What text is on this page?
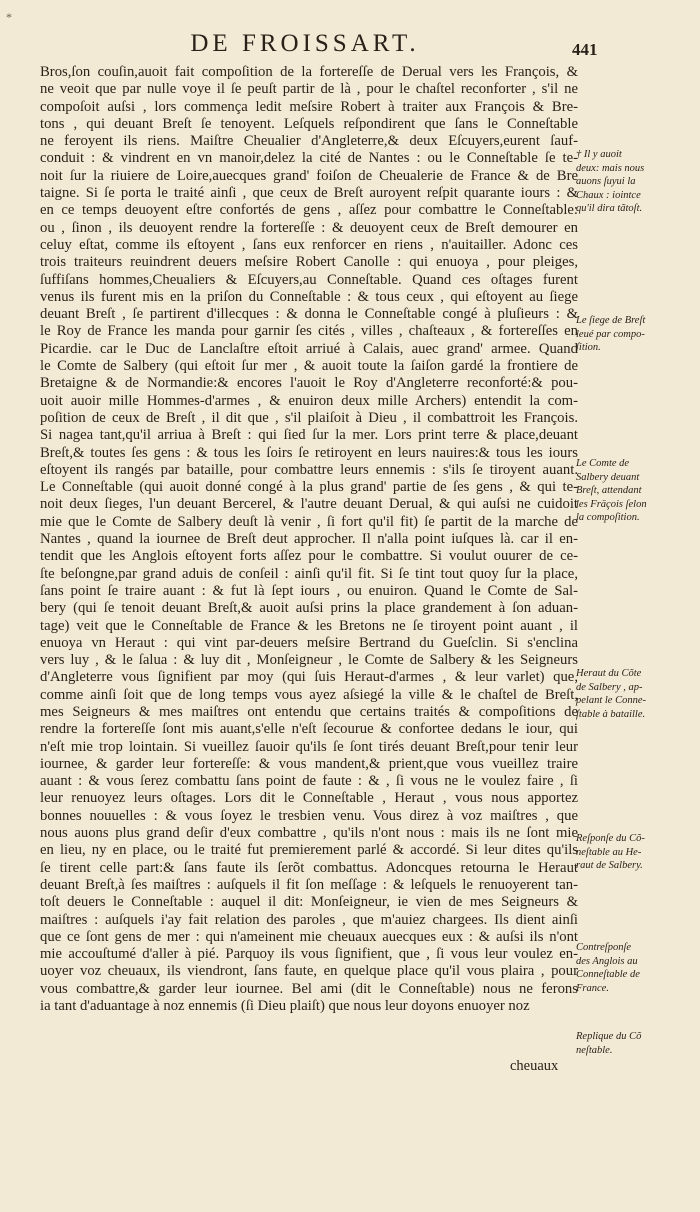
*
DE FROISSART.	441
Bros,ſon couſin,auoit fait compoſition de la fortereſſe de Derual vers les François, &
ne veoit que par nulle voye il ſe peuſt partir de là , pour le chaſtel reconforter , s'il ne
compoſoit auſsi , lors commença ledit meſsire Robert à traiter aux François & Bre-
tons , qui deuant Breſt ſe tenoyent. Leſquels reſpondirent que ſans le Conneſtable
ne feroyent ils riens. Maiſtre Cheualier d'Angleterre,& deux Eſcuyers,eurent ſauf-
conduit : & vindrent en vn manoir,delez la cité de Nantes : ou le Conneſtable ſe te-
noit ſur la riuiere de Loire,auecques grand' foiſon de Cheualerie de France & de Bre
taigne. Si ſe porta le traité ainſi , que ceux de Breſt auroyent reſpit quarante iours : &
en ce temps deuoyent eſtre confortés de gens , aſſez pour combattre le Conneſtable:
ou , ſinon , ils deuoyent rendre la fortereſſe : & deuoyent ceux de Breſt demourer en
celuy eſtat, comme ils eſtoyent , ſans eux renforcer en riens , n'auitailler. Adonc ces
trois traiteurs reuindrent deuers meſsire Robert Canolle : qui enuoya , pour pleiges,
ſuffiſans hommes,Cheualiers & Eſcuyers,au Conneſtable. Quand ces oſtages furent
venus ils furent mis en la priſon du Conneſtable : & tous ceux , qui eſtoyent au ſiege
deuant Breſt , ſe partirent d'illecques : & donna le Conneſtable congé à pluſieurs : &
le Roy de France les manda pour garnir ſes cités , villes , chaſteaux , & fortereſſes en
Picardie. car le Duc de Lanclaſtre eſtoit arriué à Calais, auec grand' armee. Quand
le Comte de Salbery (qui eſtoit ſur mer , & auoit toute la ſaiſon gardé la frontiere de
Bretaigne & de Normandie:& encores l'auoit le Roy d'Angleterre reconforté:& pou-
uoit auoir mille Hommes-d'armes , & enuiron deux mille Archers) entendit la com-
poſition de ceux de Breſt , il dit que , s'il plaiſoit à Dieu , il combattroit les François.
Si nagea tant,qu'il arriua à Breſt : qui ſied ſur la mer. Lors print terre & place,deuant
Breſt,& toutes ſes gens : & tous les ſoirs ſe retiroyent en leurs nauires:& tous les iours
eſtoyent ils rangés par bataille, pour combattre leurs ennemis : s'ils ſe tiroyent auant.
Le Conneſtable (qui auoit donné congé à la plus grand' partie de ſes gens , & qui te-
noit deux ſieges, l'un deuant Bercerel, & l'autre deuant Derual, & qui auſsi ne cuidoit
mie que le Comte de Salbery deuſt là venir , ſi fort qu'il fit) ſe partit de la marche de
Nantes , quand la iournee de Breſt deut approcher. Il n'alla point iuſques là. car il en-
tendit que les Anglois eſtoyent forts aſſez pour le combattre. Si voulut ouurer de ce-
ſte beſongne,par grand aduis de conſeil : ainſi qu'il fit. Si ſe tint tout quoy ſur la place,
ſans point ſe traire auant : & fut là ſept iours , ou enuiron. Quand le Comte de Sal-
bery (qui ſe tenoit deuant Breſt,& auoit auſsi prins la place grandement à ſon aduan-
tage) veit que le Conneſtable de France & les Bretons ne ſe tiroyent point auant , il
enuoya vn Heraut : qui vint par-deuers meſsire Bertrand du Gueſclin. Si s'enclina
vers luy , & le ſalua : & luy dit , Monſeigneur , le Comte de Salbery & les Seigneurs
d'Angleterre vous ſignifient par moy (qui ſuis Heraut-d'armes , & leur varlet) que,
comme ainſi ſoit que de long temps vous ayez aſsiegé la ville & le chaſtel de Breſt,
mes Seigneurs & mes maiſtres ont entendu que certains traités & compoſitions de
rendre la fortereſſe ſont mis auant,s'elle n'eſt ſecourue & confortee dedans le iour, qui
n'eſt mie trop lointain. Si vueillez ſauoir qu'ils ſe ſont tirés deuant Breſt,pour tenir leur
iournee, & garder leur fortereſſe: & vous mandent,& prient,que vous vueillez traire
auant : & vous ſerez combattu ſans point de faute : & , ſi vous ne le voulez faire , ſi
leur renuoyez leurs oſtages. Lors dit le Conneſtable , Heraut , vous nous apportez
bonnes nouuelles : & vous ſoyez le tresbien venu. Vous direz à voz maiſtres , que
nous auons plus grand deſir d'eux combattre , qu'ils n'ont nous : mais ils ne ſont mie
en lieu, ny en place, ou le traité fut premierement parlé & accordé. Si leur dites qu'ils
ſe tirent celle part:& ſans faute ils ſerõt combattus. Adoncques retourna le Heraut
deuant Breſt,à ſes maiſtres : auſquels il fit ſon meſſage : & leſquels le renuoyerent tan-
toſt deuers le Conneſtable : auquel il dit: Monſeigneur, ie vien de mes Seigneurs &
maiſtres : auſquels i'ay fait relation des paroles , que m'auiez chargees. Ils dient ainſi
que ce ſont gens de mer : qui n'ameinent mie cheuaux auecques eux : & auſsi ils n'ont
mie accouſtumé d'aller à pié. Parquoy ils vous ſignifient, que , ſi vous leur voulez en-
uoyer voz cheuaux, ils viendront, ſans faute, en quelque place qu'il vous plaira , pour
vous combattre,& garder leur iournee. Bel ami (dit le Conneſtable) nous ne ferons
ia tant d'aduantage à noz ennemis (ſi Dieu plaiſt) que nous leur doyons enuoyer noz
cheuaux
† Il y auoit
deux: mais nous
auons ſuyui la
Chaux : iointce
qu'il dira tãtoſt.
Le ſiege de Breſt
leué par compo-
ſition.
Le Comte de
Salbery deuant
Breſt, attendant
les Fräçois ſelon
la compoſition.
Heraut du Cõte
de Salbery , ap-
pelant le Conne-
ſtable à bataille.
Reſponſe du Cõ-
neſtable au He-
raut de Salbery.
Contreſponſe
des Anglois au
Conneſtable de
France.
Replique du Cõ
neſtable.
